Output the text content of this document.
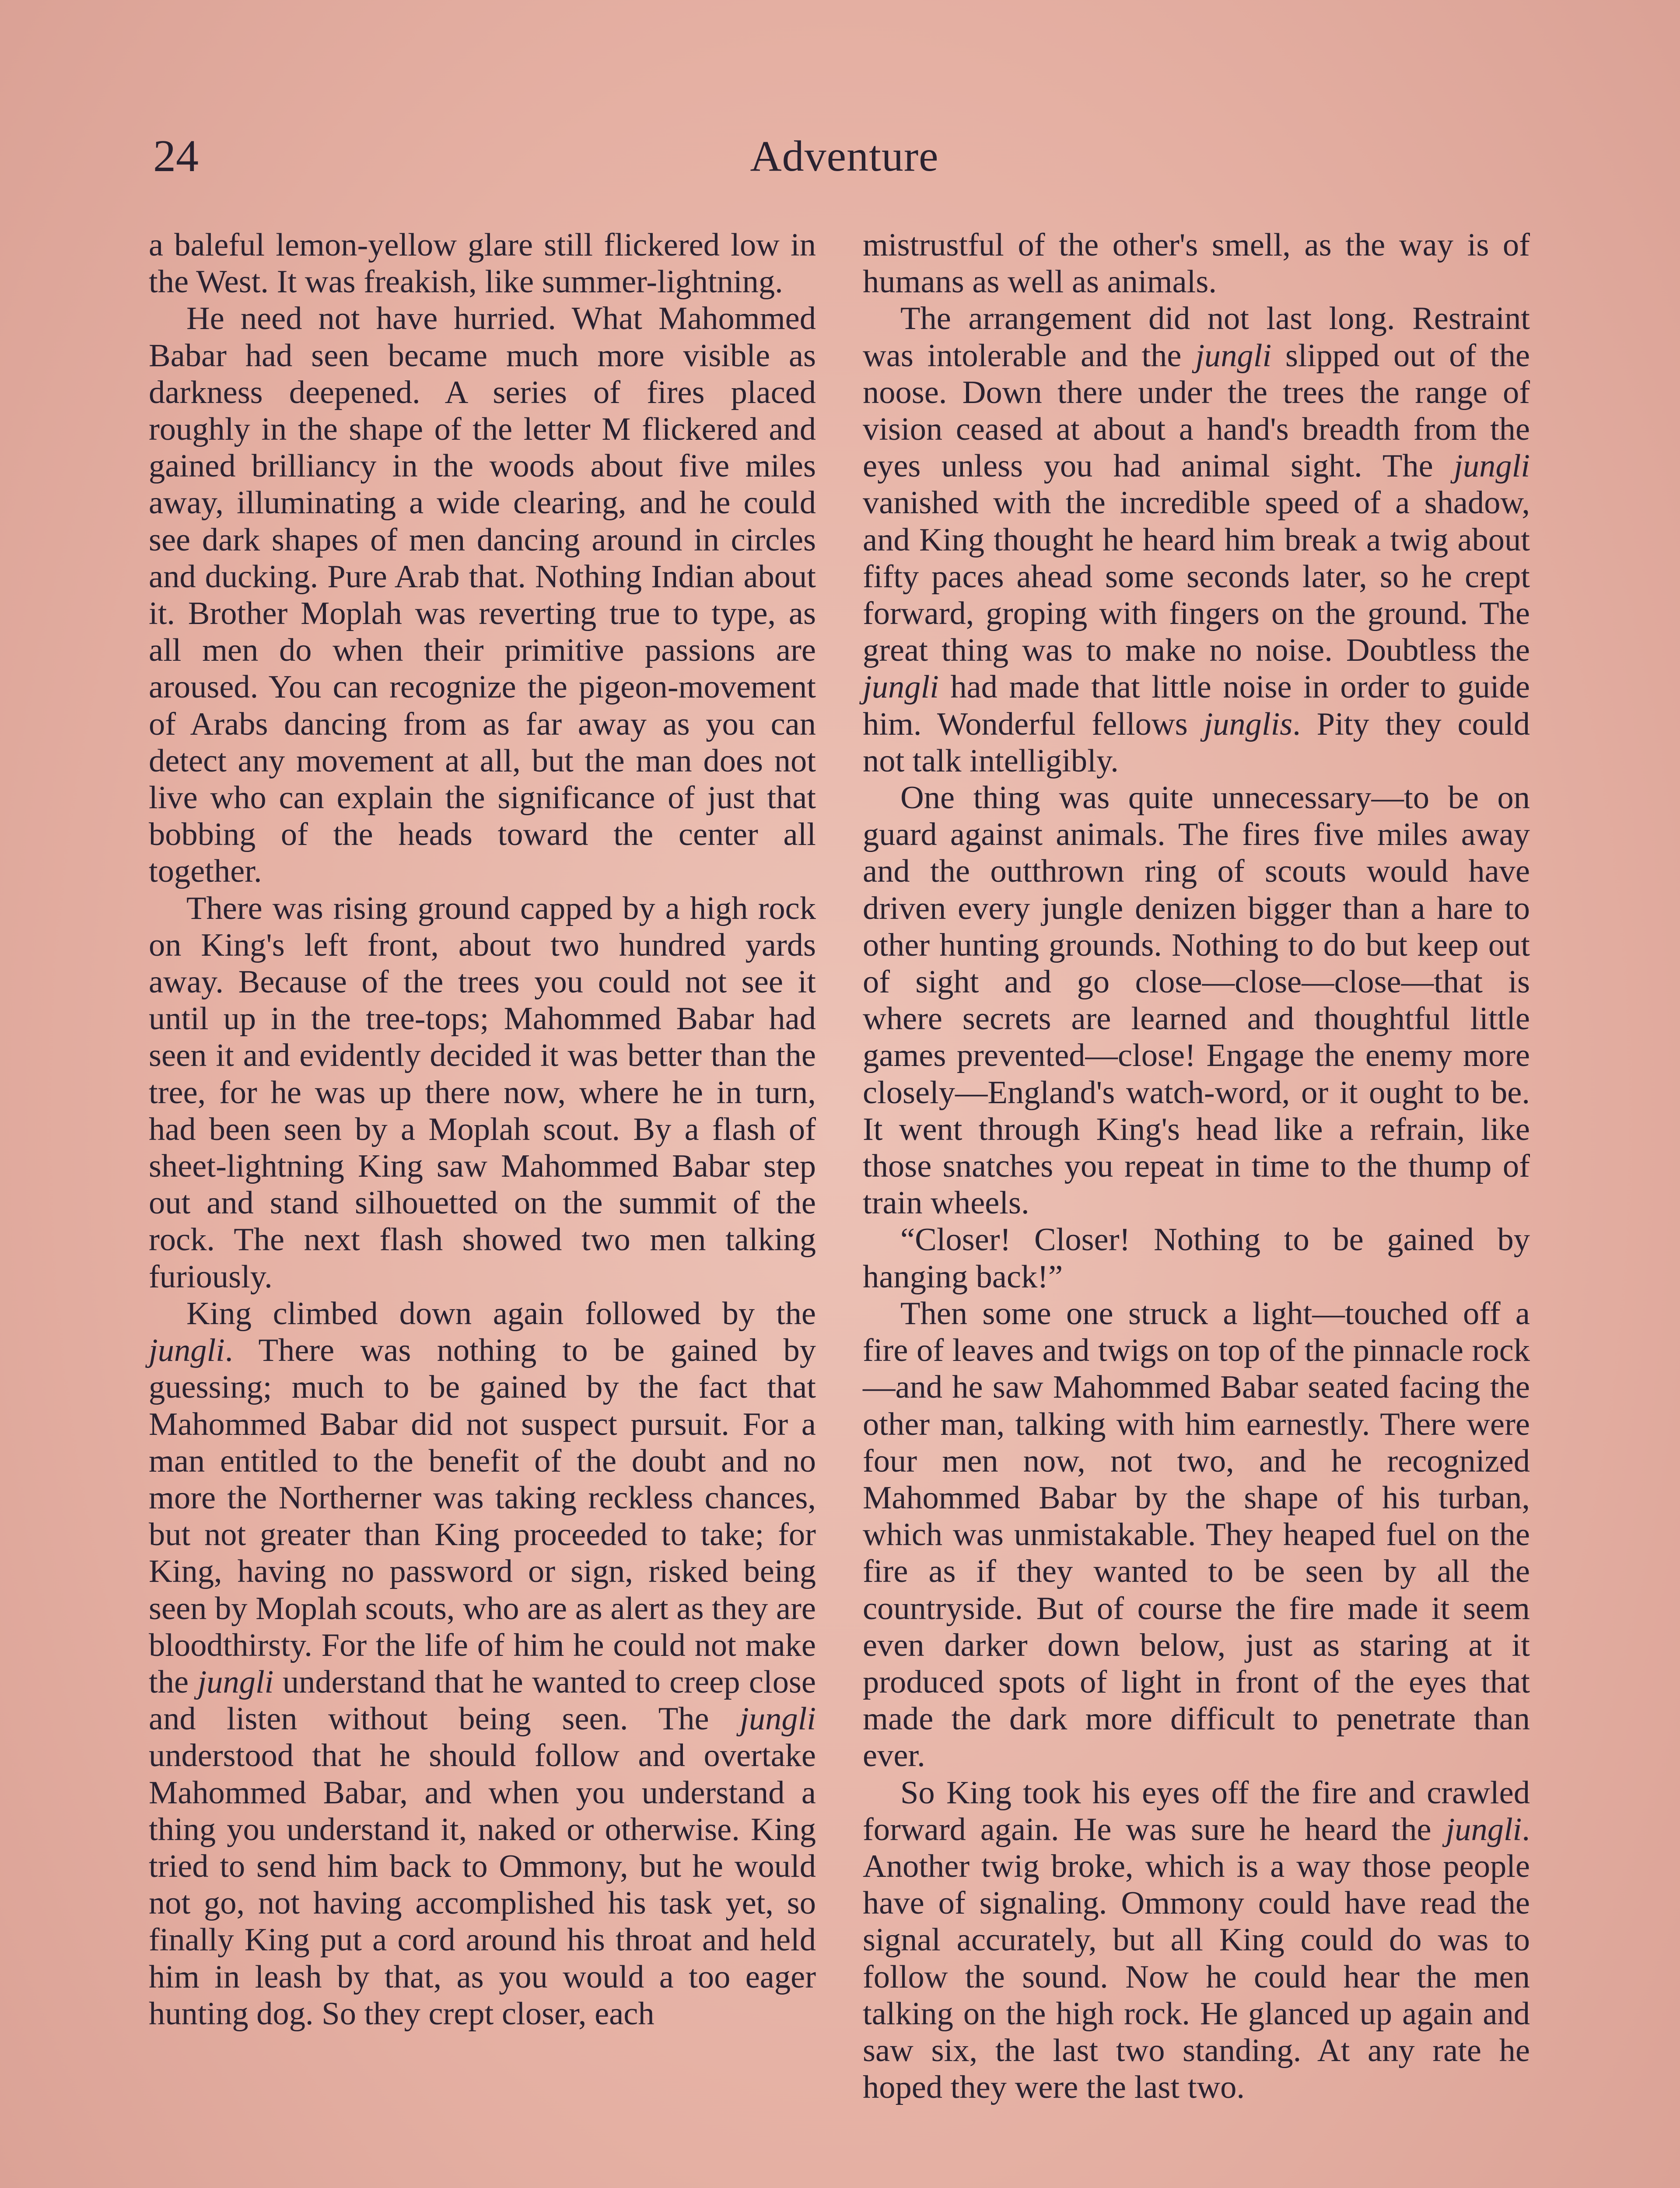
24	Adventure

a baleful lemon-yellow glare still flickered low in the West. It was freakish, like summer-lightning.

He need not have hurried. What Mahommed Babar had seen became much more visible as darkness deepened. A series of fires placed roughly in the shape of the letter M flickered and gained brilliancy in the woods about five miles away, illuminating a wide clearing, and he could see dark shapes of men dancing around in circles and ducking. Pure Arab that. Nothing Indian about it. Brother Moplah was reverting true to type, as all men do when their primitive passions are aroused. You can recognize the pigeon-movement of Arabs dancing from as far away as you can detect any movement at all, but the man does not live who can explain the significance of just that bobbing of the heads toward the center all together.

There was rising ground capped by a high rock on King's left front, about two hundred yards away. Because of the trees you could not see it until up in the tree-tops; Mahommed Babar had seen it and evidently decided it was better than the tree, for he was up there now, where he in turn, had been seen by a Moplah scout. By a flash of sheet-lightning King saw Mahommed Babar step out and stand silhouetted on the summit of the rock. The next flash showed two men talking furiously.

King climbed down again followed by the jungli. There was nothing to be gained by guessing; much to be gained by the fact that Mahommed Babar did not suspect pursuit. For a man entitled to the benefit of the doubt and no more the Northerner was taking reckless chances, but not greater than King proceeded to take; for King, having no password or sign, risked being seen by Moplah scouts, who are as alert as they are bloodthirsty. For the life of him he could not make the jungli understand that he wanted to creep close and listen without being seen. The jungli understood that he should follow and overtake Mahommed Babar, and when you understand a thing you understand it, naked or otherwise. King tried to send him back to Ommony, but he would not go, not having accomplished his task yet, so finally King put a cord around his throat and held him in leash by that, as you would a too eager hunting dog. So they crept closer, each

mistrustful of the other's smell, as the way is of humans as well as animals.

The arrangement did not last long. Restraint was intolerable and the jungli slipped out of the noose. Down there under the trees the range of vision ceased at about a hand's breadth from the eyes unless you had animal sight. The jungli vanished with the incredible speed of a shadow, and King thought he heard him break a twig about fifty paces ahead some seconds later, so he crept forward, groping with fingers on the ground. The great thing was to make no noise. Doubtless the jungli had made that little noise in order to guide him. Wonderful fellows junglis. Pity they could not talk intelligibly.

One thing was quite unnecessary—to be on guard against animals. The fires five miles away and the outthrown ring of scouts would have driven every jungle denizen bigger than a hare to other hunting grounds. Nothing to do but keep out of sight and go close—close—close—that is where secrets are learned and thoughtful little games prevented—close! Engage the enemy more closely—England's watch-word, or it ought to be. It went through King's head like a refrain, like those snatches you repeat in time to the thump of train wheels.

“Closer! Closer! Nothing to be gained by hanging back!”

Then some one struck a light—touched off a fire of leaves and twigs on top of the pinnacle rock—and he saw Mahommed Babar seated facing the other man, talking with him earnestly. There were four men now, not two, and he recognized Mahommed Babar by the shape of his turban, which was unmistakable. They heaped fuel on the fire as if they wanted to be seen by all the countryside. But of course the fire made it seem even darker down below, just as staring at it produced spots of light in front of the eyes that made the dark more difficult to penetrate than ever.

So King took his eyes off the fire and crawled forward again. He was sure he heard the jungli. Another twig broke, which is a way those people have of signaling. Ommony could have read the signal accurately, but all King could do was to follow the sound. Now he could hear the men talking on the high rock. He glanced up again and saw six, the last two standing. At any rate he hoped they were the last two.
